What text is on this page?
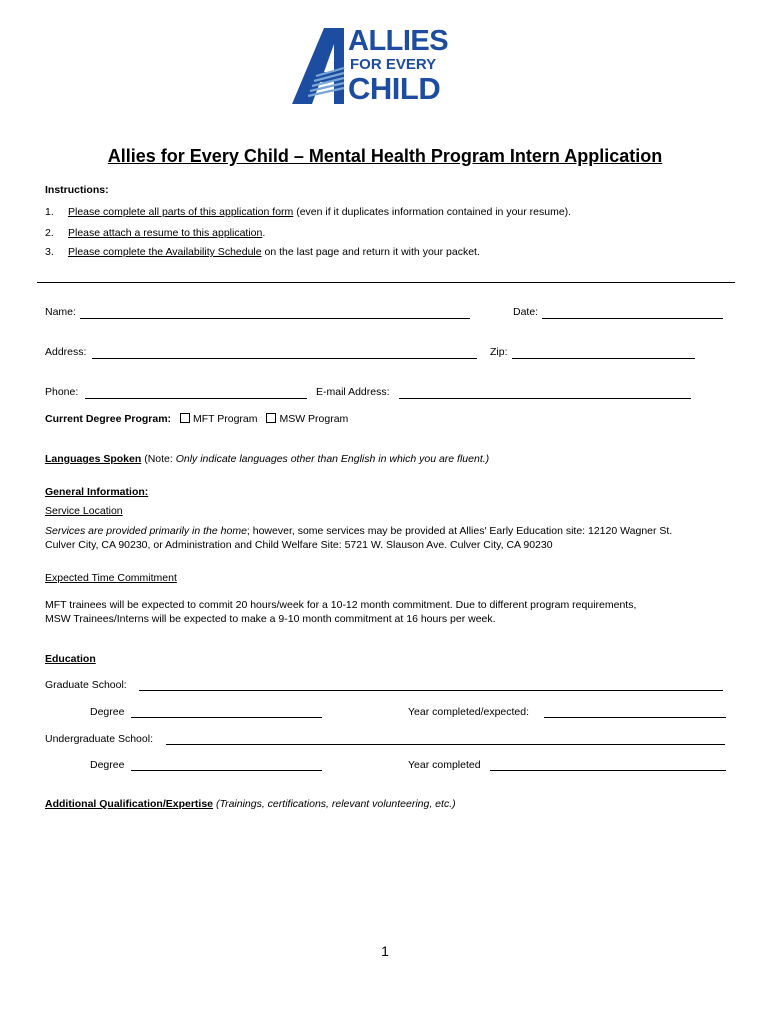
ALLIES
FOR EVERY
CHILD
Allies for Every Child – Mental Health Program Intern Application
Instructions:
1. Please complete all parts of this application form (even if it duplicates information contained in your resume).
2. Please attach a resume to this application.
3. Please complete the Availability Schedule on the last page and return it with your packet.
Name:	Date:
Address:	Zip:
Phone:	E-mail Address:
Current Degree Program: MFT Program MSW Program
Languages Spoken (Note: Only indicate languages other than English in which you are fluent.)
General Information:
Service Location
Services are provided primarily in the home; however, some services may be provided at Allies' Early Education site: 12120 Wagner St.
Culver City, CA 90230, or Administration and Child Welfare Site: 5721 W. Slauson Ave. Culver City, CA 90230
Expected Time Commitment
MFT trainees will be expected to commit 20 hours/week for a 10-12 month commitment. Due to different program requirements,
MSW Trainees/Interns will be expected to make a 9-10 month commitment at 16 hours per week.
Education
Graduate School:
Degree	Year completed/expected:
Undergraduate School:
Degree	Year completed
Additional Qualification/Expertise (Trainings, certifications, relevant volunteering, etc.)
1
